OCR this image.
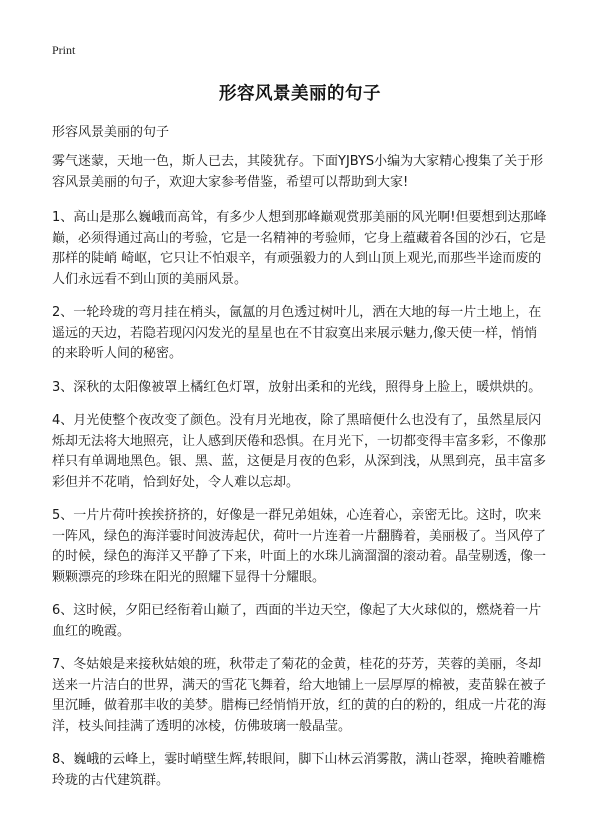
Print
形容风景美丽的句子
形容风景美丽的句子

雾气迷蒙，天地一色，斯人已去，其陵犹存。下面YJBYS小编为大家精心搜集了关于形容风景美丽的句子，欢迎大家参考借鉴，希望可以帮助到大家!

1、高山是那么巍峨而高耸，有多少人想到那峰巅观赏那美丽的风光啊!但要想到达那峰巅，必须得通过高山的考验，它是一名精神的考验师，它身上蕴藏着各国的沙石，它是那样的陡峭 崎岖，它只让不怕艰辛，有顽强毅力的人到山顶上观光,而那些半途而废的人们永远看不到山顶的美丽风景。

2、一轮玲珑的弯月挂在梢头，氤氲的月色透过树叶儿，洒在大地的每一片土地上，在遥远的天边，若隐若现闪闪发光的星星也在不甘寂寞出来展示魅力,像天使一样，悄悄的来聆听人间的秘密。

3、深秋的太阳像被罩上橘红色灯罩，放射出柔和的光线，照得身上脸上，暖烘烘的。

4、月光使整个夜改变了颜色。没有月光地夜，除了黑暗便什么也没有了，虽然星辰闪烁却无法将大地照亮，让人感到厌倦和恐惧。在月光下，一切都变得丰富多彩，不像那样只有单调地黑色。银、黑、蓝，这便是月夜的色彩，从深到浅，从黑到亮，虽丰富多彩但并不花哨，恰到好处，令人难以忘却。

5、一片片荷叶挨挨挤挤的，好像是一群兄弟姐妹，心连着心，亲密无比。这时，吹来一阵风，绿色的海洋霎时间波涛起伏，荷叶一片连着一片翻腾着，美丽极了。当风停了的时候，绿色的海洋又平静了下来，叶面上的水珠儿滴溜溜的滚动着。晶莹剔透，像一颗颗漂亮的珍珠在阳光的照耀下显得十分耀眼。

6、这时候，夕阳已经衔着山巅了，西面的半边天空，像起了大火球似的，燃烧着一片血红的晚霞。

7、冬姑娘是来接秋姑娘的班，秋带走了菊花的金黄，桂花的芬芳，芙蓉的美丽，冬却送来一片洁白的世界，满天的雪花飞舞着，给大地铺上一层厚厚的棉被，麦苗躲在被子里沉睡，做着那丰收的美梦。腊梅已经悄悄开放，红的黄的白的粉的，组成一片花的海洋，枝头间挂满了透明的冰棱，仿佛玻璃一般晶莹。

8、巍峨的云峰上，霎时峭壁生辉,转眼间，脚下山林云消雾散，满山苍翠，掩映着雕檐玲珑的古代建筑群。
